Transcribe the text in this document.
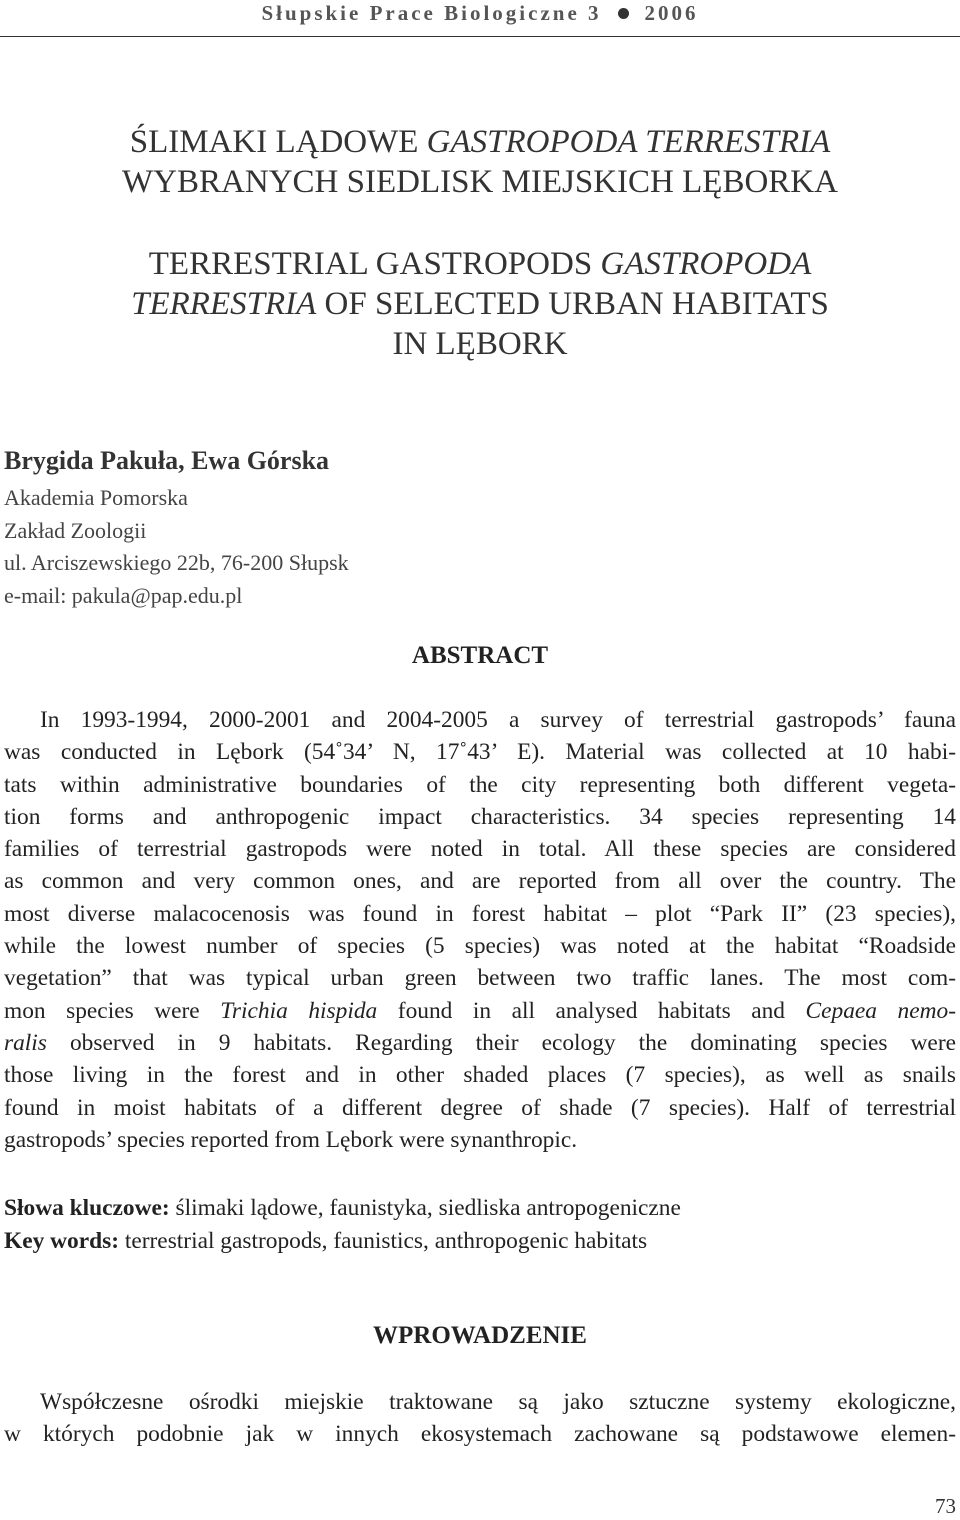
Słupskie Prace Biologiczne 3 2006
ŚLIMAKI LĄDOWE GASTROPODA TERRESTRIA
WYBRANYCH SIEDLISK MIEJSKICH LĘBORKA
TERRESTRIAL GASTROPODS GASTROPODA
TERRESTRIA OF SELECTED URBAN HABITATS
IN LĘBORK
Brygida Pakuła, Ewa Górska
Akademia Pomorska
Zakład Zoologii
ul. Arciszewskiego 22b, 76-200 Słupsk
e-mail: pakula@pap.edu.pl
ABSTRACT
In 1993-1994, 2000-2001 and 2004-2005 a survey of terrestrial gastropods’ fauna
was conducted in Lębork (54˚34’ N, 17˚43’ E). Material was collected at 10 habi-
tats within administrative boundaries of the city representing both different vegeta-
tion forms and anthropogenic impact characteristics. 34 species representing 14
families of terrestrial gastropods were noted in total. All these species are considered
as common and very common ones, and are reported from all over the country. The
most diverse malacocenosis was found in forest habitat – plot “Park II” (23 species),
while the lowest number of species (5 species) was noted at the habitat “Roadside
vegetation” that was typical urban green between two traffic lanes. The most com-
mon species were Trichia hispida found in all analysed habitats and Cepaea nemo-
ralis observed in 9 habitats. Regarding their ecology the dominating species were
those living in the forest and in other shaded places (7 species), as well as snails
found in moist habitats of a different degree of shade (7 species). Half of terrestrial
gastropods’ species reported from Lębork were synanthropic.
Słowa kluczowe: ślimaki lądowe, faunistyka, siedliska antropogeniczne
Key words: terrestrial gastropods, faunistics, anthropogenic habitats
WPROWADZENIE
Współczesne ośrodki miejskie traktowane są jako sztuczne systemy ekologiczne,
w których podobnie jak w innych ekosystemach zachowane są podstawowe elemen-
73
